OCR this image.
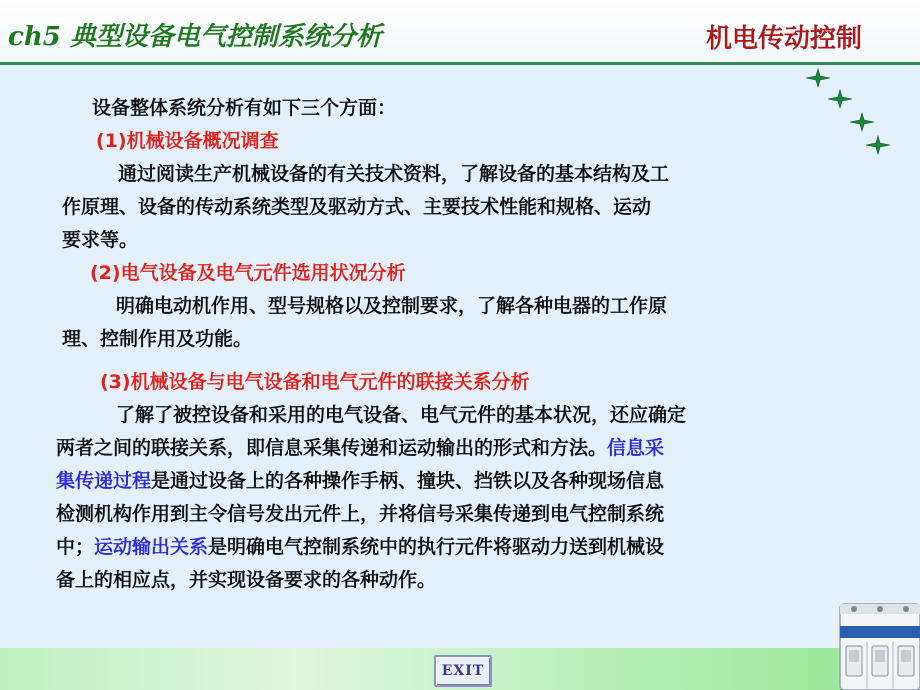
ch5 典型设备电气控制系统分析	机电传动控制
设备整体系统分析有如下三个方面：
(1)机械设备概况调查
通过阅读生产机械设备的有关技术资料，了解设备的基本结构及工
作原理、设备的传动系统类型及驱动方式、主要技术性能和规格、运动
要求等。
(2)电气设备及电气元件选用状况分析
明确电动机作用、型号规格以及控制要求，了解各种电器的工作原
理、控制作用及功能。
(3)机械设备与电气设备和电气元件的联接关系分析
了解了被控设备和采用的电气设备、电气元件的基本状况，还应确定
两者之间的联接关系，即信息采集传递和运动输出的形式和方法。信息采
集传递过程是通过设备上的各种操作手柄、撞块、挡铁以及各种现场信息
检测机构作用到主令信号发出元件上，并将信号采集传递到电气控制系统
中；运动输出关系是明确电气控制系统中的执行元件将驱动力送到机械设
备上的相应点，并实现设备要求的各种动作。
EXIT
